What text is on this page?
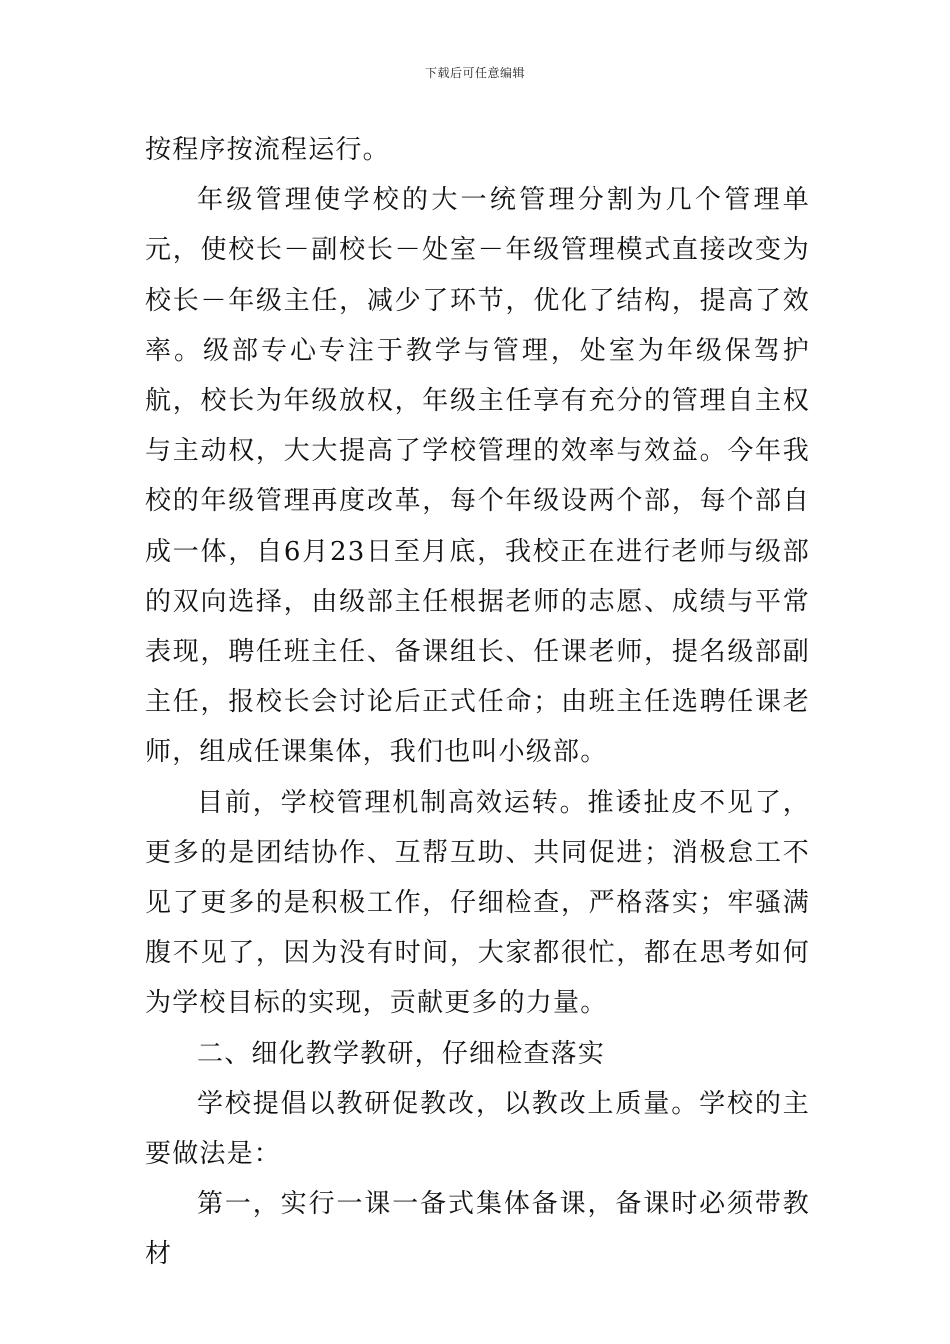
下载后可任意编辑

按程序按流程运行。

年级管理使学校的大一统管理分割为几个管理单元，使校长－副校长－处室－年级管理模式直接改变为校长－年级主任，减少了环节，优化了结构，提高了效率。级部专心专注于教学与管理，处室为年级保驾护航，校长为年级放权，年级主任享有充分的管理自主权与主动权，大大提高了学校管理的效率与效益。今年我校的年级管理再度改革，每个年级设两个部，每个部自成一体，自6月23日至月底，我校正在进行老师与级部的双向选择，由级部主任根据老师的志愿、成绩与平常表现，聘任班主任、备课组长、任课老师，提名级部副主任，报校长会讨论后正式任命；由班主任选聘任课老师，组成任课集体，我们也叫小级部。

目前，学校管理机制高效运转。推诿扯皮不见了，更多的是团结协作、互帮互助、共同促进；消极怠工不见了更多的是积极工作，仔细检查，严格落实；牢骚满腹不见了，因为没有时间，大家都很忙，都在思考如何为学校目标的实现，贡献更多的力量。

二、细化教学教研，仔细检查落实

学校提倡以教研促教改，以教改上质量。学校的主要做法是：

第一，实行一课一备式集体备课，备课时必须带教材
